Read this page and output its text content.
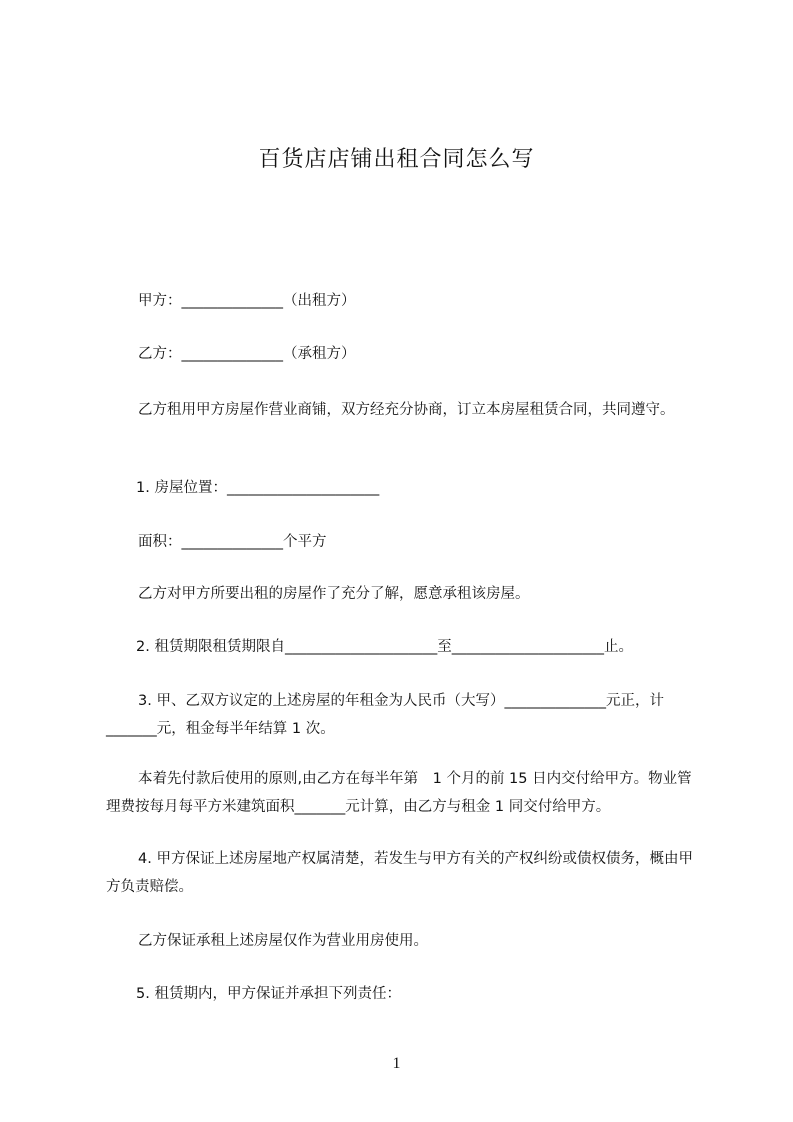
百货店店铺出租合同怎么写
甲方：______________（出租方）
乙方：______________（承租方）
乙方租用甲方房屋作营业商铺，双方经充分协商，订立本房屋租赁合同，共同遵守。
1. 房屋位置：_____________________
面积：______________个平方
乙方对甲方所要出租的房屋作了充分了解，愿意承租该房屋。
2. 租赁期限租赁期限自_____________________至_____________________止。
3. 甲、乙双方议定的上述房屋的年租金为人民币（大写）______________元正，计_______元，租金每半年结算 1 次。
本着先付款后使用的原则,由乙方在每半年第　1 个月的前 15 日内交付给甲方。物业管理费按每月每平方米建筑面积_______元计算，由乙方与租金 1 同交付给甲方。
4. 甲方保证上述房屋地产权属清楚，若发生与甲方有关的产权纠纷或债权债务，概由甲方负责赔偿。
乙方保证承租上述房屋仅作为营业用房使用。
5. 租赁期内，甲方保证并承担下列责任：
1
